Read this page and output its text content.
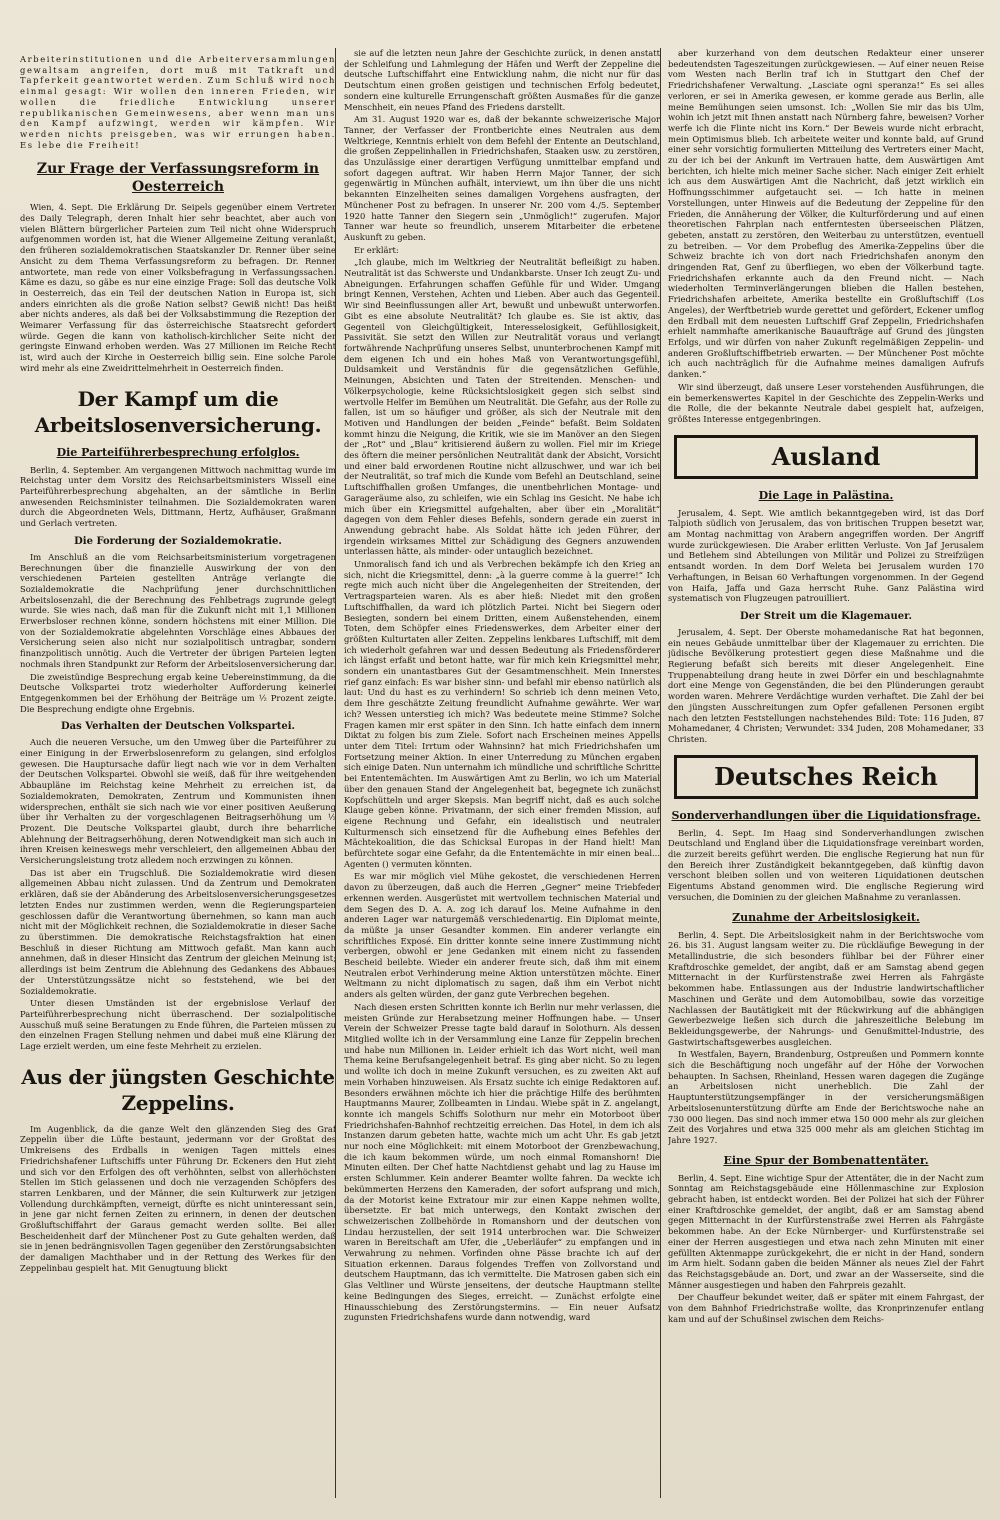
Arbeiterinstitutionen und die Arbeiterversammlungen gewaltsam angreifen, dort muß mit Tatkraft und Tapferkeit geantwortet werden. Zum Schluß wird noch einmal gesagt: Wir wollen den inneren Frieden, wir wollen die friedliche Entwicklung unserer republikanischen Gemeinwesens, aber wenn man uns den Kampf aufzwingt, werden wir kämpfen. Wir werden nichts preisgeben, was wir errungen haben. Es lebe die Freiheit!

Zur Frage der Verfassungsreform in Oesterreich

Wien, 4. Sept. Die Erklärung Dr. Seipels gegenüber einem Vertreter des Daily Telegraph, deren Inhalt hier sehr beachtet, aber auch von vielen Blättern bürgerlicher Parteien zum Teil nicht ohne Widerspruch aufgenommen worden ist, hat die Wiener Allgemeine Zeitung veranlaßt, den früheren sozialdemokratischen Staatskanzler Dr. Renner über seine Ansicht zu dem Thema Verfassungsreform zu befragen. Dr. Renner antwortete, man rede von einer Volksbefragung in Verfassungssachen. Käme es dazu, so gäbe es nur eine einzige Frage: Soll das deutsche Volk in Oesterreich, das ein Teil der deutschen Nation in Europa ist, sich anders einrichten als die große Nation selbst? Gewiß nicht! Das heißt aber nichts anderes, als daß bei der Volksabstimmung die Rezeption der Weimarer Verfassung für das österreichische Staatsrecht gefordert würde. Gegen die kann von katholisch-kirchlicher Seite nicht der geringste Einwand erhoben werden. Was 27 Millionen im Reiche Recht ist, wird auch der Kirche in Oesterreich billig sein. Eine solche Parole wird mehr als eine Zweidrittelmehrheit in Oesterreich finden.

Der Kampf um die Arbeitslosenversicherung.
Die Parteiführerbesprechung erfolglos.

Berlin, 4. September. Am vergangenen Mittwoch nachmittag wurde im Reichstag unter dem Vorsitz des Reichsarbeitsministers Wissell eine Parteiführerbesprechung abgehalten, an der sämtliche in Berlin anwesenden Reichsminister teilnahmen. Die Sozialdemokraten waren durch die Abgeordneten Wels, Dittmann, Hertz, Aufhäuser, Graßmann und Gerlach vertreten.

Die Forderung der Sozialdemokratie.

Im Anschluß an die vom Reichsarbeitsministerium vorgetragenen Berechnungen über die finanzielle Auswirkung der von den verschiedenen Parteien gestellten Anträge verlangte die Sozialdemokratie die Nachprüfung jener durchschnittlichen Arbeitslosenzahl, die der Berechnung des Fehlbetrags zugrunde gelegt wurde. Sie wies nach, daß man für die Zukunft nicht mit 1,1 Millionen Erwerbsloser rechnen könne, sondern höchstens mit einer Million. Die von der Sozialdemokratie abgelehnten Vorschläge eines Abbaues der Versicherung seien also nicht nur sozialpolitisch untragbar, sondern finanzpolitisch unnötig. Auch die Vertreter der übrigen Parteien legten nochmals ihren Standpunkt zur Reform der Arbeitslosenversicherung dar.

Die zweistündige Besprechung ergab keine Uebereinstimmung, da die Deutsche Volkspartei trotz wiederholter Aufforderung keinerlei Entgegenkommen bei der Erhöhung der Beiträge um ½ Prozent zeigte. Die Besprechung endigte ohne Ergebnis.

Das Verhalten der Deutschen Volkspartei.

Auch die neueren Versuche, um den Umweg über die Parteiführer zu einer Einigung in der Erwerbslosenreform zu gelangen, sind erfolglos gewesen. Die Hauptursache dafür liegt nach wie vor in dem Verhalten der Deutschen Volkspartei. Obwohl sie weiß, daß für ihre weitgehenden Abbaupläne im Reichstag keine Mehrheit zu erreichen ist, da Sozialdemokraten, Demokraten, Zentrum und Kommunisten ihnen widersprechen, enthält sie sich nach wie vor einer positiven Aeußerung über ihr Verhalten zu der vorgeschlagenen Beitragserhöhung um ½ Prozent. Die Deutsche Volkspartei glaubt, durch ihre beharrliche Ablehnung der Beitragserhöhung, deren Notwendigkeit man sich auch in ihren Kreisen keineswegs mehr verschleiert, den allgemeinen Abbau der Versicherungsleistung trotz alledem noch erzwingen zu können.

Das ist aber ein Trugschluß. Die Sozialdemokratie wird diesen allgemeinen Abbau nicht zulassen. Und da Zentrum und Demokraten erklären, daß sie der Abänderung des Arbeitslosenversicherungsgesetzes letzten Endes nur zustimmen werden, wenn die Regierungsparteien geschlossen dafür die Verantwortung übernehmen, so kann man auch nicht mit der Möglichkeit rechnen, die Sozialdemokratie in dieser Sache zu überstimmen. Die demokratische Reichstagsfraktion hat einen Beschluß in dieser Richtung am Mittwoch gefaßt. Man kann auch annehmen, daß in dieser Hinsicht das Zentrum der gleichen Meinung ist; allerdings ist beim Zentrum die Ablehnung des Gedankens des Abbaues der Unterstützungssätze nicht so feststehend, wie bei der Sozialdemokratie.

Unter diesen Umständen ist der ergebnislose Verlauf der Parteiführerbesprechung nicht überraschend. Der sozialpolitische Ausschuß muß seine Beratungen zu Ende führen, die Parteien müssen zu den einzelnen Fragen Stellung nehmen und dabei muß eine Klärung der Lage erzielt werden, um eine feste Mehrheit zu erzielen.

Aus der jüngsten Geschichte Zeppelins.

Im Augenblick, da die ganze Welt den glänzenden Sieg des Graf Zeppelin über die Lüfte bestaunt, jedermann vor der Großtat des Umkreisens des Erdballs in wenigen Tagen mittels eines Friedrichshafener Luftschiffs unter Führung Dr. Eckeners den Hut zieht und sich vor den Erfolgen des oft verhöhnten, selbst von allerhöchsten Stellen im Stich gelassenen und doch nie verzagenden Schöpfers des starren Lenkbaren, und der Männer, die sein Kulturwerk zur jetzigen Vollendung durchkämpften, verneigt, dürfte es nicht uninteressant sein, in jene gar nicht fernen Zeiten zu erinnern, in denen der deutschen Großluftschiffahrt der Garaus gemacht werden sollte. Bei aller Bescheidenheit darf der Münchener Post zu Gute gehalten werden, daß sie in jenen bedrängnisvollen Tagen gegenüber den Zerstörungsabsichten der damaligen Machthaber und in der Rettung des Werkes für den Zeppelinbau gespielt hat. Mit Genugtuung blickt

sie auf die letzten neun Jahre der Geschichte zurück, in denen anstatt der Schleifung und Lahmlegung der Häfen und Werft der Zeppeline die deutsche Luftschiffahrt eine Entwicklung nahm, die nicht nur für das Deutschtum einen großen geistigen und technischen Erfolg bedeutet, sondern eine kulturelle Errungenschaft größten Ausmaßes für die ganze Menschheit, ein neues Pfand des Friedens darstellt.

Am 31. August 1920 war es, daß der bekannte schweizerische Major Tanner, der Verfasser der Frontberichte eines Neutralen aus dem Weltkriege, Kenntnis erhielt von dem Befehl der Entente an Deutschland, die großen Zeppelinhallen in Friedrichshafen, Staaken usw. zu zerstören, das Unzulässige einer derartigen Verfügung unmittelbar empfand und sofort dagegen auftrat. Wir haben Herrn Major Tanner, der sich gegenwärtig in München aufhält, interviewt, um ihn über die uns nicht bekannten Einzelheiten seines damaligen Vorgehens ausfragten, der Münchener Post zu befragen. In unserer Nr. 200 vom 4./5. September 1920 hatte Tanner den Siegern sein „Unmöglich!“ zugerufen. Major Tanner war heute so freundlich, unserem Mitarbeiter die erbetene Auskunft zu geben.

Er erklärt:

„Ich glaube, mich im Weltkrieg der Neutralität befleißigt zu haben. Neutralität ist das Schwerste und Undankbarste. Unser Ich zeugt Zu- und Abneigungen. Erfahrungen schaffen Gefühle für und Wider. Umgang bringt Kennen, Verstehen, Achten und Lieben. Aber auch das Gegenteil. Wir sind Beeinflussungen aller Art, bewußt und unbewußt unterworfen. Gibt es eine absolute Neutralität? Ich glaube es. Sie ist aktiv, das Gegenteil von Gleichgültigkeit, Interesselosigkeit, Gefühllosigkeit, Passivität. Sie setzt den Willen zur Neutralität voraus und verlangt fortwährende Nachprüfung unseres Selbst, ununterbrochenen Kampf mit dem eigenen Ich und ein hohes Maß von Verantwortungsgefühl, Duldsamkeit und Verständnis für die gegensätzlichen Gefühle, Meinungen, Absichten und Taten der Streitenden. Menschen- und Völkerpsychologie, keine Rücksichtslosigkeit gegen sich selbst sind wertvolle Helfer im Bemühen um Neutralität. Die Gefahr, aus der Rolle zu fallen, ist um so häufiger und größer, als sich der Neutrale mit den Motiven und Handlungen der beiden „Feinde“ befaßt. Beim Soldaten kommt hinzu die Neigung, die Kritik, wie sie im Manöver an den Siegen der „Rot“ und „Blau“ kritisierend äußern zu wollen. Fiel mir im Kriege des öftern die meiner persönlichen Neutralität dank der Absicht, Vorsicht und einer bald erwordenen Routine nicht allzuschwer, und war ich bei der Neutralität, so traf mich die Kunde vom Befehl an Deutschland, seine Luftschiffhallen großen Umfanges, die unentbehrlichen Montage- und Garageräume also, zu schleifen, wie ein Schlag ins Gesicht. Ne habe ich mich über ein Kriegsmittel aufgehalten, aber über ein „Moralität“ dagegen von dem Fehler dieses Befehls, sondern gerade ein zuerst in Anwendung gebracht habe. Als Soldat hätte ich jeden Führer, der irgendein wirksames Mittel zur Schädigung des Gegners anzuwenden unterlassen hätte, als minder- oder untauglich bezeichnet.

Unmoralisch fand ich und als Verbrechen bekämpfe ich den Krieg an sich, nicht die Kriegsmittel, denn: „à la guerre comme à la guerre!“ Ich regte mich auch nicht über die Angelegenheiten der Streitenden, der Vertragsparteien waren. Als es aber hieß: Niedet mit den großen Luftschiffhallen, da ward ich plötzlich Partei. Nicht bei Siegern oder Besiegten, sondern bei einem Dritten, einem Außenstehenden, einem Toten, dem Schöpfer eines Friedenswerkes, dem Arbeiter einer der größten Kulturtaten aller Zeiten. Zeppelins lenkbares Luftschiff, mit dem ich wiederholt gefahren war und dessen Bedeutung als Friedensförderer ich längst erfaßt und betont hatte, war für mich kein Kriegsmittel mehr, sondern ein unantastbares Gut der Gesamtmenschheit. Mein Innerstes rief ganz einfach: Es war bisher sinn- und befahl mir ebenso natürlich als laut: Und du hast es zu verhindern! So schrieb ich denn meinen Veto, dem Ihre geschätzte Zeitung freundlicht Aufnahme gewährte. Wer war ich? Wessen unterstieg ich mich? Was bedeutete meine Stimme? Solche Fragen kamen mir erst später in den Sinn. Ich hatte einfach dem innern Diktat zu folgen bis zum Ziele. Sofort nach Erscheinen meines Appells unter dem Titel: Irrtum oder Wahnsinn? hat mich Friedrichshafen um Fortsetzung meiner Aktion. In einer Unterredung zu München ergaben sich einige Daten. Nun unternahm ich mündliche und schriftliche Schritte bei Ententemächten. Im Auswärtigen Amt zu Berlin, wo ich um Material über den genauen Stand der Angelegenheit bat, begegnete ich zunächst Kopfschütteln und arger Skepsis. Man begriff nicht, daß es auch solche Klauge geben könne. Privatmann, der sich einer fremden Mission, auf eigene Rechnung und Gefahr, ein idealistisch und neutraler Kulturmensch sich einsetzend für die Aufhebung eines Befehles der Mächtekoalition, die das Schicksal Europas in der Hand hielt! Man befürchtete sogar eine Gefahr, da die Ententemächte in mir einen beal... Agenten () vermuten könnten.

Es war mir möglich viel Mühe gekostet, die verschiedenen Herren davon zu überzeugen, daß auch die Herren „Gegner“ meine Triebfeder erkennen werden. Ausgerüstet mit wertvollem technischen Material und dem Segen des D. A. A. zog ich darauf los. Meine Aufnahme in den anderen Lager war naturgemäß verschiedenartig. Ein Diplomat meinte, da müßte ja unser Gesandter kommen. Ein anderer verlangte ein schriftliches Exposé. Ein dritter konnte seine innere Zustimmung nicht verbergen, obwohl er jene Gedanken mit einem nicht zu fassenden Bescheid beilebte. Wieder ein anderer freute sich, daß ihm mit einem Neutralen erbot Verhinderung meine Aktion unterstützen möchte. Einer Weltmann zu nicht diplomatisch zu sagen, daß ihm ein Verbot nicht anders als gelten würden, der ganz gute Verbrechen begehen.

Nach diesen ersten Schritten konnte ich Berlin nur mehr verlassen, die meisten Gründe zur Herabsetzung meiner Hoffnungen habe. — Unser Verein der Schweizer Presse tagte bald darauf in Solothurn. Als dessen Mitglied wollte ich in der Versammlung eine Lanze für Zeppelin brechen und habe nun Millionen in. Leider erhielt ich das Wort nicht, weil man Thema keine Berufsangelegenheit betraf. Es ging aber nicht. So zu legen und wollte ich doch in meine Zukunft versuchen, es zu zweiten Akt auf mein Vorhaben hinzuweisen. Als Ersatz suchte ich einige Redaktoren auf. Besonders erwähnen möchte ich hier die prächtige Hilfe des berühmten Hauptmanns Maurer, Zollbeamten in Lindau. Wiebe spät in Z. angelangt, konnte ich mangels Schiffs Solothurn nur mehr ein Motorboot über Friedrichshafen-Bahnhof rechtzeitig erreichen. Das Hotel, in dem ich als Instanzen darum gebeten hatte, wachte mich um acht Uhr. Es gab jetzt nur noch eine Möglichkeit: mit einem Motorboot der Grenzbewachung, die ich kaum bekommen würde, um noch einmal Romanshorn! Die Minuten eilten. Der Chef hatte Nachtdienst gehabt und lag zu Hause im ersten Schlummer. Kein anderer Beamter wollte fahren. Da weckte ich bekümmerten Herzens den Kameraden, der sofort aufsprang und mich, da der Motorist keine Extratour mir zur einen Kappe nehmen wollte, übersetzte. Er bat mich unterwegs, den Kontakt zwischen der schweizerischen Zollbehörde in Romanshorn und der deutschen von Lindau herzustellen, der seit 1914 unterbrochen war. Die Schweizer waren in Bereitschaft am Ufer, die „Ueberläufer“ zu empfangen und in Verwahrung zu nehmen. Vorfinden ohne Pässe brachte ich auf der Situation erkennen. Daraus folgendes Treffen von Zollvorstand und deutschem Hauptmann, das ich vermittelte. Die Matrosen gaben sich ein Glas Veltliner und Würste jenseitens, der deutsche Hauptmann stellte keine Bedingungen des Sieges, erreicht. — Zunächst erfolgte eine Hinausschiebung des Zerstörungstermins. — Ein neuer Aufsatz zugunsten Friedrichshafens wurde dann notwendig, ward

aber kurzerhand von dem deutschen Redakteur einer unserer bedeutendsten Tageszeitungen zurückgewiesen. — Auf einer neuen Reise vom Westen nach Berlin traf ich in Stuttgart den Chef der Friedrichshafener Verwaltung. „Lasciate ogni speranza!“ Es sei alles verloren, er sei in Amerika gewesen, er komme gerade aus Berlin, alle meine Bemühungen seien umsonst. Ich: „Wollen Sie mir das bis Ulm, wohin ich jetzt mit Ihnen anstatt nach Nürnberg fahre, beweisen? Vorher werfe ich die Flinte nicht ins Korn.“ Der Beweis wurde nicht erbracht, mein Optimismus blieb. Ich arbeitete weiter und konnte bald, auf Grund einer sehr vorsichtig formulierten Mitteilung des Vertreters einer Macht, zu der ich bei der Ankunft im Vertrauen hatte, dem Auswärtigen Amt berichten, ich hielte mich meiner Sache sicher. Nach einiger Zeit erhielt ich aus dem Auswärtigen Amt die Nachricht, daß jetzt wirklich ein Hoffnungsschimmer aufgetaucht sei. — Ich hatte in meinen Vorstellungen, unter Hinweis auf die Bedeutung der Zeppeline für den Frieden, die Annäherung der Völker, die Kulturförderung und auf einen theoretischen Fahrplan nach entferntesten überseeischen Plätzen, gebeten, anstatt zu zerstören, den Weiterbau zu unterstützen, eventuell zu betreiben. — Vor dem Probeflug des Amerika-Zeppelins über die Schweiz brachte ich von dort nach Friedrichshafen anonym den dringenden Rat, Genf zu überfliegen, wo eben der Völkerbund tagte. Friedrichshafen erkannte auch da den Freund nicht. — Nach wiederholten Terminverlängerungen blieben die Hallen bestehen, Friedrichshafen arbeitete, Amerika bestellte ein Großluftschiff (Los Angeles), der Werftbetrieb wurde gerettet und gefördert, Eckener umflog den Erdball mit dem neuesten Luftschiff Graf Zeppelin, Friedrichshafen erhielt nammhafte amerikanische Bauaufträge auf Grund des jüngsten Erfolgs, und wir dürfen von naher Zukunft regelmäßigen Zeppelin- und anderen Großluftschiffbetrieb erwarten. — Der Münchener Post möchte ich auch nachträglich für die Aufnahme meines damaligen Aufrufs danken.“

Wir sind überzeugt, daß unsere Leser vorstehenden Ausführungen, die ein bemerkenswertes Kapitel in der Geschichte des Zeppelin-Werks und die Rolle, die der bekannte Neutrale dabei gespielt hat, aufzeigen, größtes Interesse entgegenbringen.

Ausland
Die Lage in Palästina.

Jerusalem, 4. Sept. Wie amtlich bekanntgegeben wird, ist das Dorf Talpioth südlich von Jerusalem, das von britischen Truppen besetzt war, am Montag nachmittag von Arabern angegriffen worden. Der Angriff wurde zurückgewiesen. Die Araber erlitten Verluste. Von Jaf Jerusalem und Betlehem sind Abteilungen von Militär und Polizei zu Streifzügen entsandt worden. In dem Dorf Weleta bei Jerusalem wurden 170 Verhaftungen, in Beisan 60 Verhaftungen vorgenommen. In der Gegend von Haifa, Jaffa und Gaza herrscht Ruhe. Ganz Palästina wird systematisch von Flugzeugen patrouilliert.

Der Streit um die Klagemauer.

Jerusalem, 4. Sept. Der Oberste mohamedanische Rat hat begonnen, ein neues Gebäude unmittelbar über der Klagemauer zu errichten. Die jüdische Bevölkerung protestiert gegen diese Maßnahme und die Regierung befaßt sich bereits mit dieser Angelegenheit. Eine Truppenabteilung drang heute in zwei Dörfer ein und beschlagnahmte dort eine Menge von Gegenständen, die bei den Plünderungen geraubt worden waren. Mehrere Verdächtige wurden verhaftet. Die Zahl der bei den jüngsten Ausschreitungen zum Opfer gefallenen Personen ergibt nach den letzten Feststellungen nachstehendes Bild: Tote: 116 Juden, 87 Mohamedaner, 4 Christen; Verwundet: 334 Juden, 208 Mohamedaner, 33 Christen.

Deutsches Reich
Sonderverhandlungen über die Liquidationsfrage.

Berlin, 4. Sept. Im Haag sind Sonderverhandlungen zwischen Deutschland und England über die Liquidationsfrage vereinbart worden, die zurzeit bereits geführt werden. Die englische Regierung hat nun für den Bereich ihrer Zuständigkeit bekanntgegeben, daß künftig davon verschont bleiben sollen und von weiteren Liquidationen deutschen Eigentums Abstand genommen wird. Die englische Regierung wird versuchen, die Dominien zu der gleichen Maßnahme zu veranlassen.

Zunahme der Arbeitslosigkeit.

Berlin, 4. Sept. Die Arbeitslosigkeit nahm in der Berichtswoche vom 26. bis 31. August langsam weiter zu. Die rückläufige Bewegung in der Metallindustrie, die sich besonders fühlbar bei der Führer einer Kraftdroschke gemeldet, der angibt, daß er am Samstag abend gegen Mitternacht in der Kurfürstenstraße zwei Herren als Fahrgäste bekommen habe. Entlassungen aus der Industrie landwirtschaftlicher Maschinen und Geräte und dem Automobilbau, sowie das vorzeitige Nachlassen der Bautätigkeit mit der Rückwirkung auf die abhängigen Gewerbezweige ließen sich durch die jahreszeitliche Belebung im Bekleidungsgewerbe, der Nahrungs- und Genußmittel-Industrie, des Gastwirtschaftsgewerbes ausgleichen.

In Westfalen, Bayern, Brandenburg, Ostpreußen und Pommern konnte sich die Beschäftigung noch ungefähr auf der Höhe der Vorwochen behaupten. In Sachsen, Rheinland, Hessen waren dagegen die Zugänge an Arbeitslosen nicht unerheblich. Die Zahl der Hauptunterstützungsempfänger in der versicherungsmäßigen Arbeitslosenunterstützung dürfte am Ende der Berichtswoche nahe an 730 000 liegen. Das sind noch immer etwa 150 000 mehr als zur gleichen Zeit des Vorjahres und etwa 325 000 mehr als am gleichen Stichtag im Jahre 1927.

Eine Spur der Bombenattentäter.

Berlin, 4. Sept. Eine wichtige Spur der Attentäter, die in der Nacht zum Sonntag am Reichstagsgebäude eine Höllenmaschine zur Explosion gebracht haben, ist entdeckt worden. Bei der Polizei hat sich der Führer einer Kraftdroschke gemeldet, der angibt, daß er am Samstag abend gegen Mitternacht in der Kurfürstenstraße zwei Herren als Fahrgäste bekommen habe. An der Ecke Nürnberger- und Kurfürstenstraße sei einer der Herren ausgestiegen und etwa nach zehn Minuten mit einer gefüllten Aktenmappe zurückgekehrt, die er nicht in der Hand, sondern im Arm hielt. Sodann gaben die beiden Männer als neues Ziel der Fahrt das Reichstagsgebäude an. Dort, und zwar an der Wasserseite, sind die Männer ausgestiegen und haben den Fahrpreis gezahlt.

Der Chauffeur bekundet weiter, daß er später mit einem Fahrgast, der von dem Bahnhof Friedrichstraße wollte, das Kronprinzenufer entlang kam und auf der Schußinsel zwischen dem Reichs-
